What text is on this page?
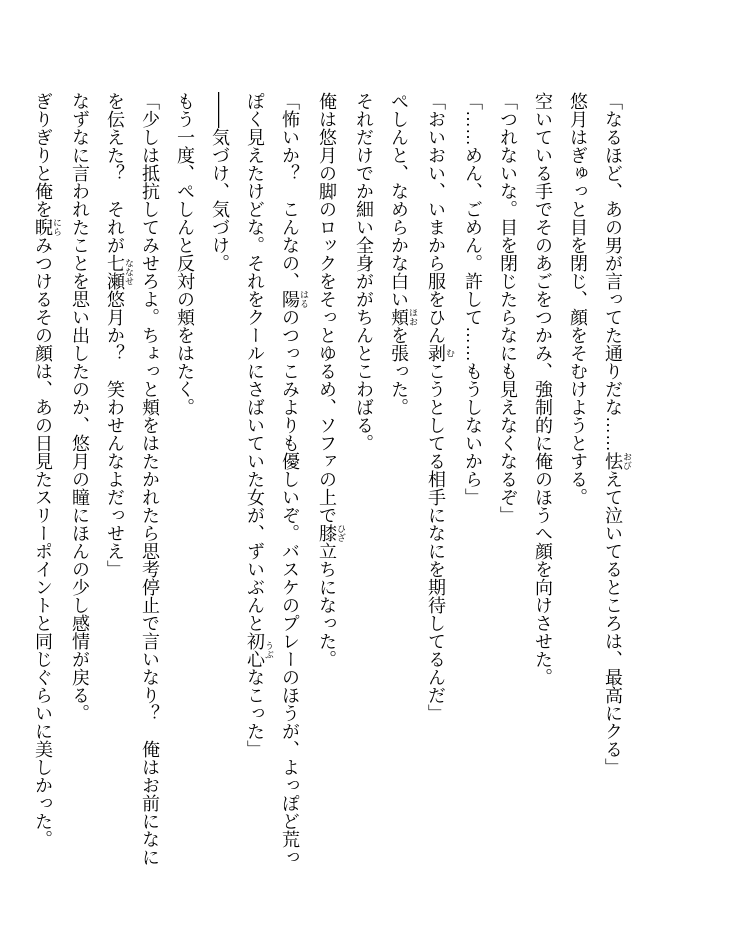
「なるほど、あの男が言ってた通りだな……怯 おびえて泣いてるところは、最高にクる」

悠月はぎゅっと目を閉じ、顔をそむけようとする。

空いている手でそのあごをつかみ、強制的に俺のほうへ顔を向けさせた。

「つれないな。目を閉じたらなにも見えなくなるぞ」

「……めん、ごめん。許して……もうしないから」

「おいおい、いまから服をひん剥 むこうとしてる相手になにを期待してるんだ」

ぺしんと、なめらかな白い頬 ほおを張った。

それだけでか細い全身ががちんとこわばる。

俺は悠月の脚のロックをそっとゆるめ、ソファの上で膝 ひざ立ちになった。

「怖いか？　こんなの、陽 はるのつっこみよりも優しいぞ。バスケのプレーのほうが、よっぽど荒っぽく見えたけどな。それをクールにさばいていた女が、ずいぶんと初心 うぶなこった」

――気づけ、気づけ。

もう一度、ぺしんと反対の頬をはたく。

「少しは抵抗してみせろよ。ちょっと頬をはたかれたら思考停止で言いなり？　俺はお前になにを伝えた？　それが七瀬 ななせ悠月か？　笑わせんなよだっせえ」

なずなに言われたことを思い出したのか、悠月の瞳にほんの少し感情が戻る。

ぎりぎりと俺を睨 にらみつけるその顔は、あの日見たスリーポイントと同じぐらいに美しかった。
